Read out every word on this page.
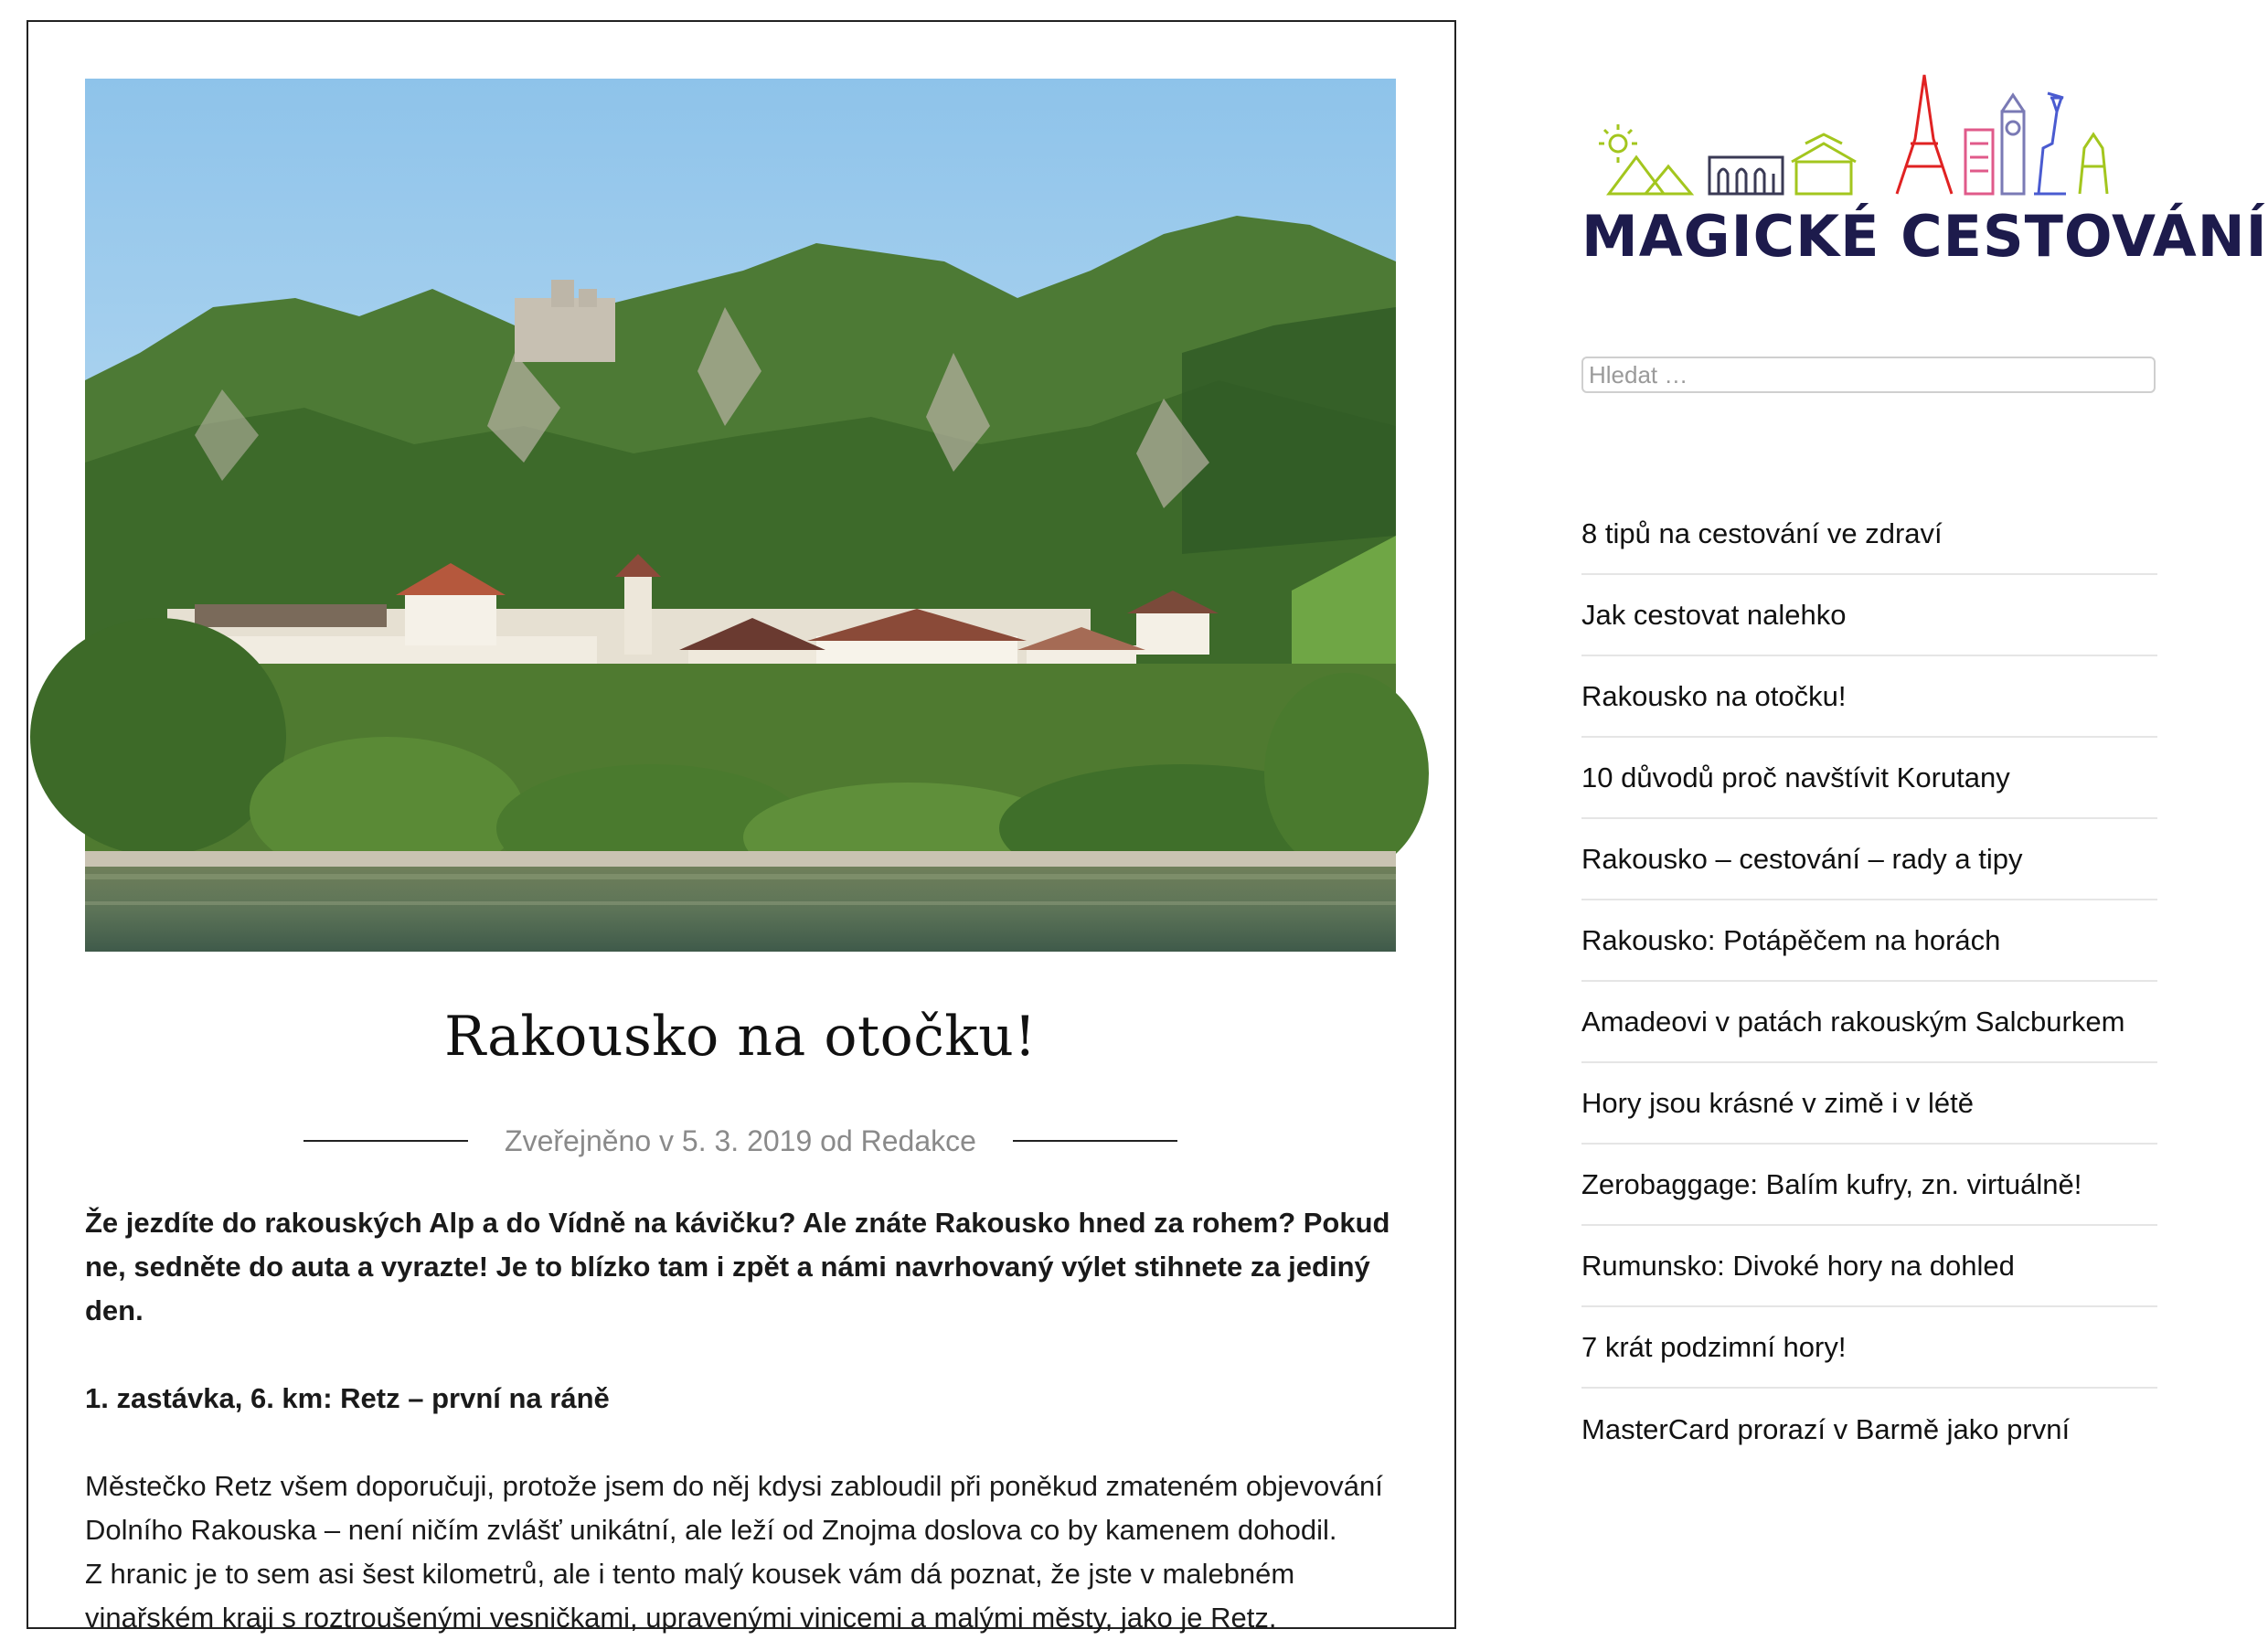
Rakousko na otočku!
Zveřejněno v 5. 3. 2019 od Redakce

Že jezdíte do rakouských Alp a do Vídně na kávičku? Ale znáte Rakousko hned za rohem? Pokud ne, sedněte do auta a vyrazte! Je to blízko tam i zpět a námi navrhovaný výlet stihnete za jediný den.

1. zastávka, 6. km: Retz – první na ráně

Městečko Retz všem doporučuji, protože jsem do něj kdysi zabloudil při poněkud zmateném objevování Dolního Rakouska – není ničím zvlášť unikátní, ale leží od Znojma doslova co by kamenem dohodil.
Z hranic je to sem asi šest kilometrů, ale i tento malý kousek vám dá poznat, že jste v malebném vinařském kraji s roztroušenými vesničkami, upravenými vinicemi a malými městy, jako je Retz.

MAGICKÉ CESTOVÁNÍ
Hledat …
8 tipů na cestování ve zdraví
Jak cestovat nalehko
Rakousko na otočku!
10 důvodů proč navštívit Korutany
Rakousko – cestování – rady a tipy
Rakousko: Potápěčem na horách
Amadeovi v patách rakouským Salcburkem
Hory jsou krásné v zimě i v létě
Zerobaggage: Balím kufry, zn. virtuálně!
Rumunsko: Divoké hory na dohled
7 krát podzimní hory!
MasterCard prorazí v Barmě jako první
